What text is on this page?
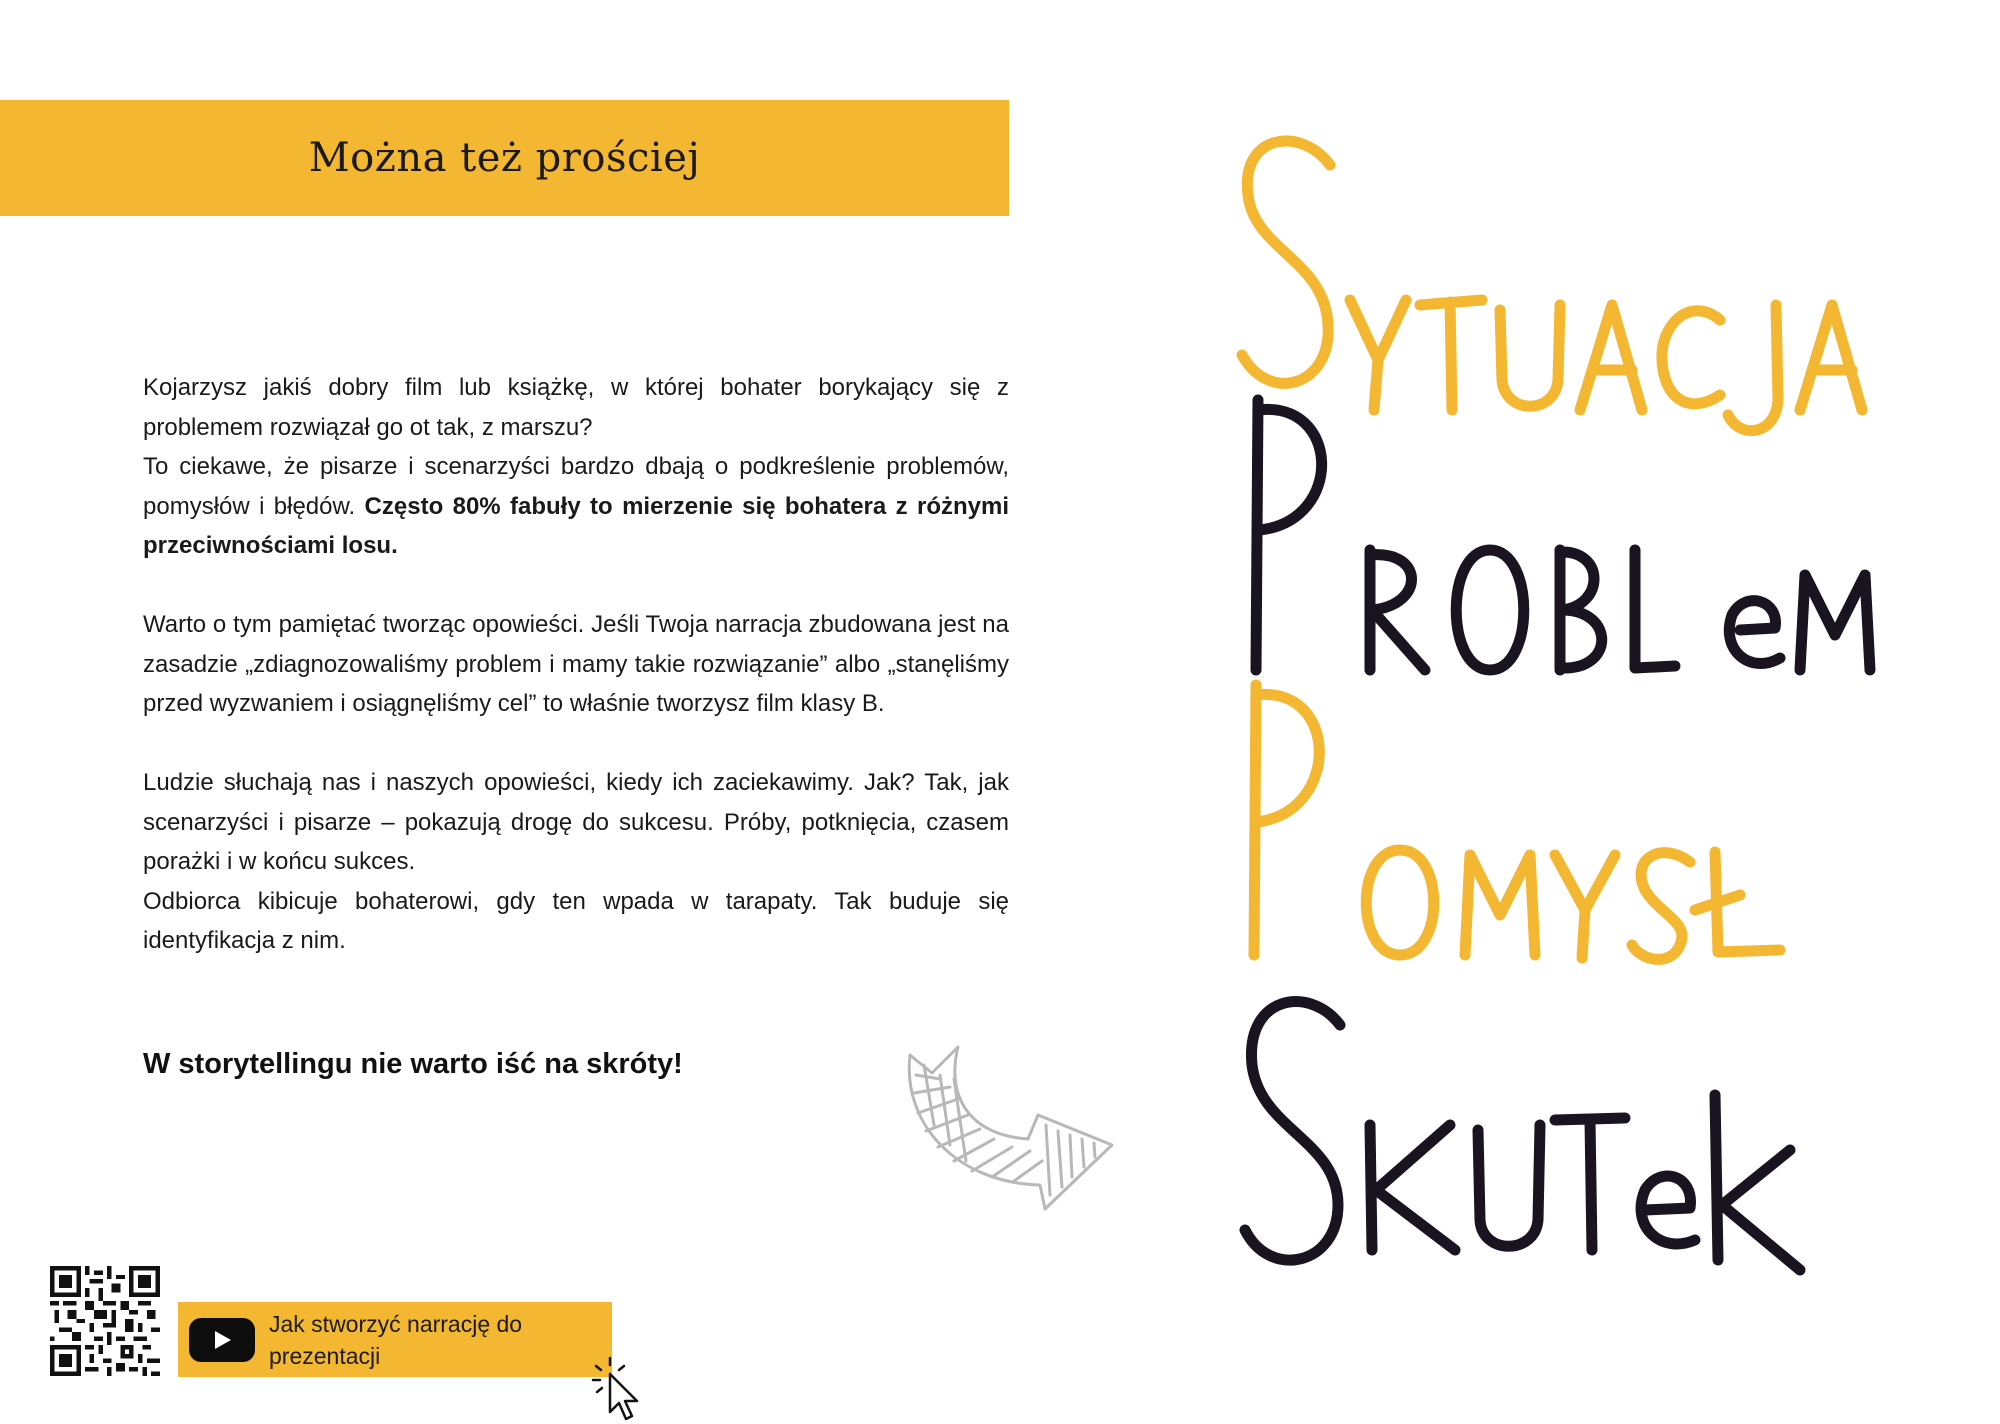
Można też prościej

Kojarzysz jakiś dobry film lub książkę, w której bohater borykający się z problemem rozwiązał go ot tak, z marszu?

To ciekawe, że pisarze i scenarzyści bardzo dbają o podkreślenie problemów, pomysłów i błędów. Często 80% fabuły to mierzenie się bohatera z różnymi przeciwnościami losu.

Warto o tym pamiętać tworząc opowieści. Jeśli Twoja narracja zbudowana jest na zasadzie „zdiagnozowaliśmy problem i mamy takie rozwiązanie” albo „stanęliśmy przed wyzwaniem i osiągnęliśmy cel” to właśnie tworzysz film klasy B.

Ludzie słuchają nas i naszych opowieści, kiedy ich zaciekawimy. Jak? Tak, jak scenarzyści i pisarze – pokazują drogę do sukcesu. Próby, potknięcia, czasem porażki i w końcu sukces.

Odbiorca kibicuje bohaterowi, gdy ten wpada w tarapaty. Tak buduje się identyfikacja z nim.

W storytellingu nie warto iść na skróty!
Jak stworzyć narrację do prezentacji
